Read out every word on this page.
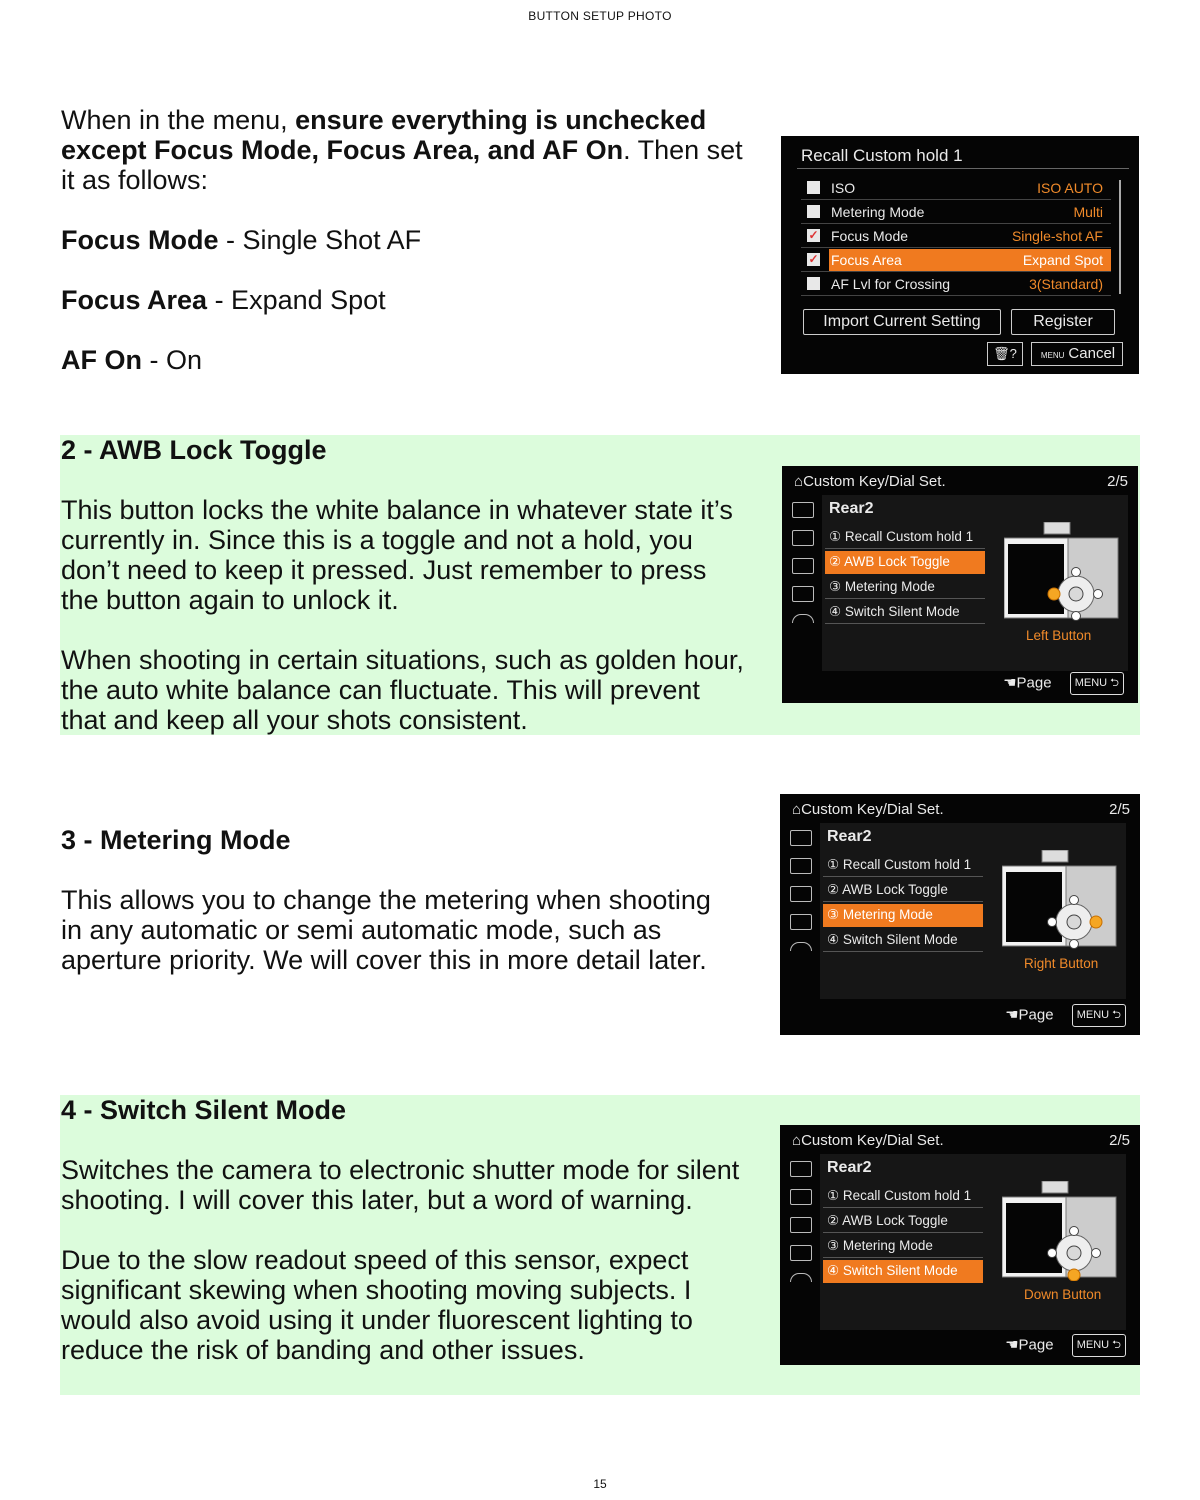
BUTTON SETUP PHOTO

When in the menu, ensure everything is unchecked except Focus Mode, Focus Area, and AF On. Then set it as follows:

Focus Mode - Single Shot AF

Focus Area - Expand Spot

AF On - On

Recall Custom hold 1
ISO	ISO AUTO
Metering Mode	Multi
✓ Focus Mode	Single-shot AF
✓ Focus Area	Expand Spot
AF Lvl for Crossing	3(Standard)
Import Current Setting	Register
🗑?	MENU Cancel
2 - AWB Lock Toggle

This button locks the white balance in whatever state it’s currently in. Since this is a toggle and not a hold, you don’t need to keep it pressed. Just remember to press the button again to unlock it.

When shooting in certain situations, such as golden hour, the auto white balance can fluctuate. This will prevent that and keep all your shots consistent.

3 - Metering Mode

This allows you to change the metering when shooting in any automatic or semi automatic mode, such as aperture priority. We will cover this in more detail later.

4 - Switch Silent Mode

Switches the camera to electronic shutter mode for silent shooting. I will cover this later, but a word of warning.

Due to the slow readout speed of this sensor, expect significant skewing when shooting moving subjects. I would also avoid using it under fluorescent lighting to reduce the risk of banding and other issues.

⌂Custom Key/Dial Set.	2/5
Rear2
① Recall Custom hold 1
② AWB Lock Toggle
③ Metering Mode
④ Switch Silent Mode
Left Button
☚Page MENU ⮌
⌂Custom Key/Dial Set.	2/5
Rear2
① Recall Custom hold 1
② AWB Lock Toggle
③ Metering Mode
④ Switch Silent Mode
Right Button
☚Page MENU ⮌
⌂Custom Key/Dial Set.	2/5
Rear2
① Recall Custom hold 1
② AWB Lock Toggle
③ Metering Mode
④ Switch Silent Mode
Down Button
☚Page MENU ⮌
15
